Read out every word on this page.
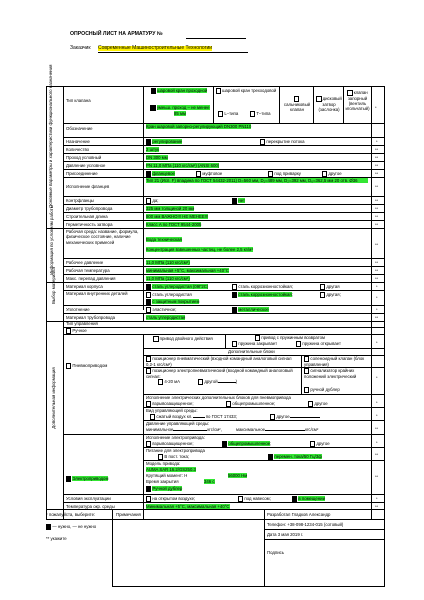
ОПРОСНЫЙ ЛИСТ НА АРМАТУРУ №
Заказчик Современные Машиностроительные Технологии
Основные параметры и характеристики функционального назначения
Информация по условиям работы
Выбор материала
Дополнительная информация
Тип клапана
шаровой кран проходной
умеьш. проход – не менее 85 мм
шаровой кран трехходовой
L–типа	T–типа
сальниковый клапан
дисковый затвор (заслонка)
клапан запорный (вентиль игольчатый)	*
Обозначение	Кран шаровой запорно-регулирующий DN300 PN110
Назначение	регулирование	перекрытие потока	*
Количество	2 штук	**
Проход условный	DN 300 мм	**
Давление условное	PN 11,0 МПа (110 кгс/см²) (ANSI 600)	**
Присоединение	фланцевое	муфтовое	под приварку	другое	**
Исполнение фланцев
Тип 21 (Исп. F) впадина по ГОСТ 54432-2011) D=560 мм, D₁=489 мм, D₂=392 мм, D₆=362,5 мм 20 отв. Ø36
**
Контрфланцы	да;	нет	**
Диаметр трубопровода	325 мм толщиной 20 мм	**
Строительная длина	800 мм ВАЖНО!!! НЕ МЕНЕЕ!!!	**
Герметичность затвора	Класс A по ГОСТ 9544-2005	**
Рабочая среда: название, формула, физическое состояние, наличие механических примесей
Вода техническая
Концентрация взвешенных частиц, не более 2,5 кг/м³
**
Рабочее давление	11,0 МПа (110 кгс/см²)	**
Рабочая температура	минимальная +5°С, максимальная +40°С	**
Макс. перепад давления	11,0 МПа (110 кгс/см²)	**
Материал корпуса	сталь углеродистая (09Г2С)	сталь коррозионностойкая;	другая	*
Материал внутренних деталей	сталь углеродистая	сталь коррозионностойкая;	другая;
с защитным покрытием
*
Уплотнение	эластичное;	металлическое	*
Материал трубопровода	сталь углеродистая	**
Тип управления
Ручное
Пневмоприводом
привод двойного действия	привод с пружинным возвратом
пружина закрывает	пружина открывает	*
Дополнительные блоки
позиционер пневматический (входной командный аналоговый сигнал 0,2-1 кгс/см²)
соленоидный клапан (блок управления)
позиционер электропневматический (входной командный аналоговый сигнал:
4-20 мА	другой	)
сигнализатор крайних положений электрический
ручной дублер
*
Исполнение электрических дополнительных блоков для пневмопривода
взрывозащищенное;	общепромышленное;	другое	*
Вид управляющей среды:
сжатый воздух кл.	по ГОСТ 17433;	другое	*
Давление управляющей среды:
минимальное	кгс/см²,	максимальное	кгс/см²	**
Электроприводом
Исполнение электропривода:
взрывозащищенное;	общепромышленное;	другое	*
Питание для электропривода
В пост. тока;	перемен. тока/50 Гц/3ф	**
Модель привода:
AUMA SAR 16.2/GS250.3
Крутящий момент: Н	56000 Нм
Время закрытия	346 с
Ручной дублер
**
Условия эксплуатации	на открытом воздухе;	под навесом;	в помещении	*
Температура окр. среды	Минимальная +5°С, максимальная +40°С	**
* пожалуйста, выберите:
— нужно, — не нужно
** укажите
Примечания	Разработал Гладков Александр
Телефон: +38-098-1234-015 (сотовый)
Дата 3 мая 2019 г.
Подпись
